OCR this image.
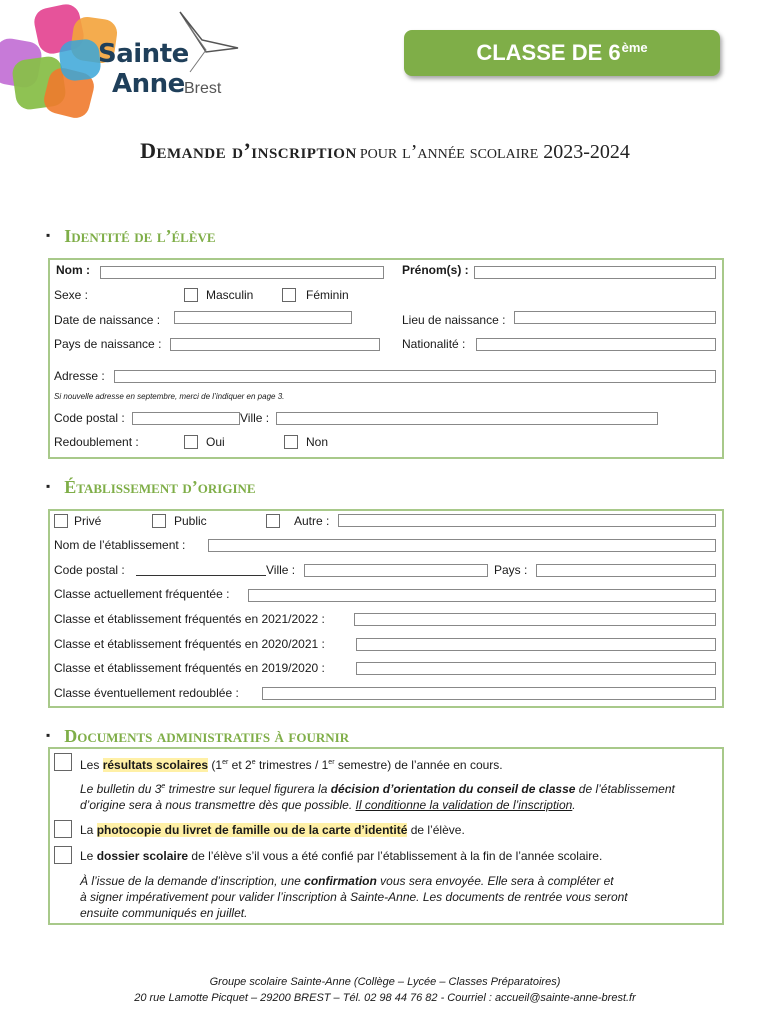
Sainte
Anne Brest
CLASSE DE 6ème
Demande d’inscription pour l’année scolaire 2023-2024
▪ Identité de l’élève
Nom :	Prénom(s) :
Sexe :	Masculin	Féminin
Date de naissance :	Lieu de naissance :
Pays de naissance :	Nationalité :
Adresse :
Si nouvelle adresse en septembre, merci de l’indiquer en page 3.
Code postal :	Ville :
Redoublement :	Oui	Non
▪ Établissement d’origine
Privé	Public	Autre :
Nom de l’établissement :
Code postal :	Ville :	Pays :
Classe actuellement fréquentée :
Classe et établissement fréquentés en 2021/2022 :
Classe et établissement fréquentés en 2020/2021 :
Classe et établissement fréquentés en 2019/2020 :
Classe éventuellement redoublée :
▪ Documents administratifs à fournir
Les résultats scolaires (1er et 2e trimestres / 1er semestre) de l’année en cours.
Le bulletin du 3e trimestre sur lequel figurera la décision d’orientation du conseil de classe de l’établissement
d’origine sera à nous transmettre dès que possible. Il conditionne la validation de l’inscription.
La photocopie du livret de famille ou de la carte d’identité de l’élève.
Le dossier scolaire de l’élève s’il vous a été confié par l’établissement à la fin de l’année scolaire.
À l’issue de la demande d’inscription, une confirmation vous sera envoyée. Elle sera à compléter et
à signer impérativement pour valider l’inscription à Sainte-Anne. Les documents de rentrée vous seront
ensuite communiqués en juillet.
Groupe scolaire Sainte-Anne (Collège – Lycée – Classes Préparatoires)
20 rue Lamotte Picquet – 29200 BREST – Tél. 02 98 44 76 82 - Courriel : accueil@sainte-anne-brest.fr
